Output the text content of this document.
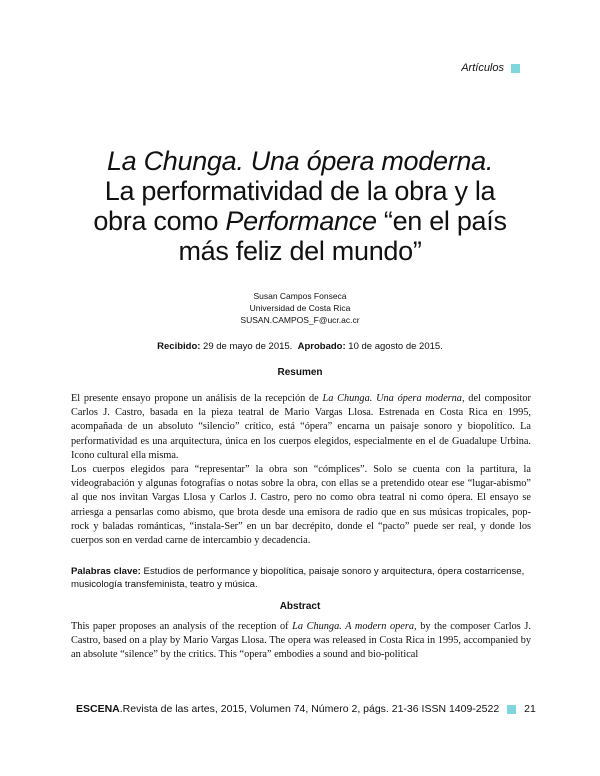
Artículos
La Chunga. Una ópera moderna.
La performatividad de la obra y la
obra como Performance “en el país
más feliz del mundo”
Susan Campos Fonseca
Universidad de Costa Rica
SUSAN.CAMPOS_F@ucr.ac.cr
Recibido: 29 de mayo de 2015. Aprobado: 10 de agosto de 2015.
Resumen

El presente ensayo propone un análisis de la recepción de La Chunga. Una ópera moderna, del compositor Carlos J. Castro, basada en la pieza teatral de Mario Vargas Llosa. Estrenada en Costa Rica en 1995, acompañada de un absoluto “silencio” crítico, está “ópera” encarna un paisaje sonoro y biopolítico. La performatividad es una arquitectura, única en los cuerpos elegidos, especialmente en el de Guadalupe Urbina. Icono cultural ella misma.

Los cuerpos elegidos para “representar” la obra son “cómplices”. Solo se cuenta con la partitura, la videograbación y algunas fotografías o notas sobre la obra, con ellas se a pretendido otear ese “lugar-abismo” al que nos invitan Vargas Llosa y Carlos J. Castro, pero no como obra teatral ni como ópera. El ensayo se arriesga a pensarlas como abismo, que brota desde una emisora de radio que en sus músicas tropicales, pop-rock y baladas románticas, “instala-Ser” en un bar decrépito, donde el “pacto” puede ser real, y donde los cuerpos son en verdad carne de intercambio y decadencia.

Palabras clave: Estudios de performance y biopolítica, paisaje sonoro y arquitectura, ópera costarricense, musicología transfeminista, teatro y música.
Abstract

This paper proposes an analysis of the reception of La Chunga. A modern opera, by the composer Carlos J. Castro, based on a play by Mario Vargas Llosa. The opera was released in Costa Rica in 1995, accompanied by an absolute “silence” by the critics. This “opera” embodies a sound and bio-political

ESCENA .Revista de las artes, 2015, Volumen 74, Número 2, págs. 21-36 ISSN 1409-2522 21
